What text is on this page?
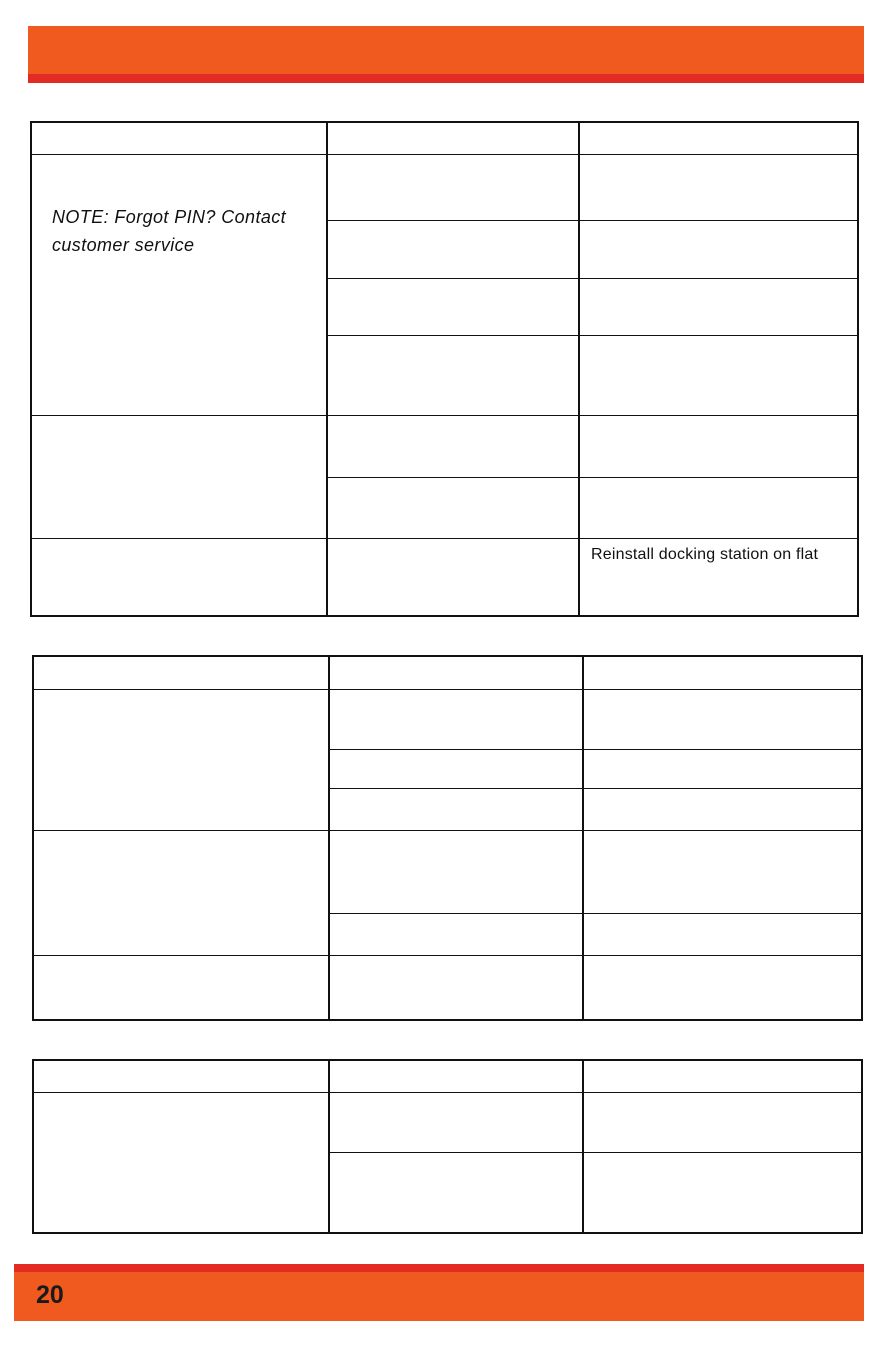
NOTE: Forgot PIN? Contact customer service		

		Reinstall docking station on flat

20
